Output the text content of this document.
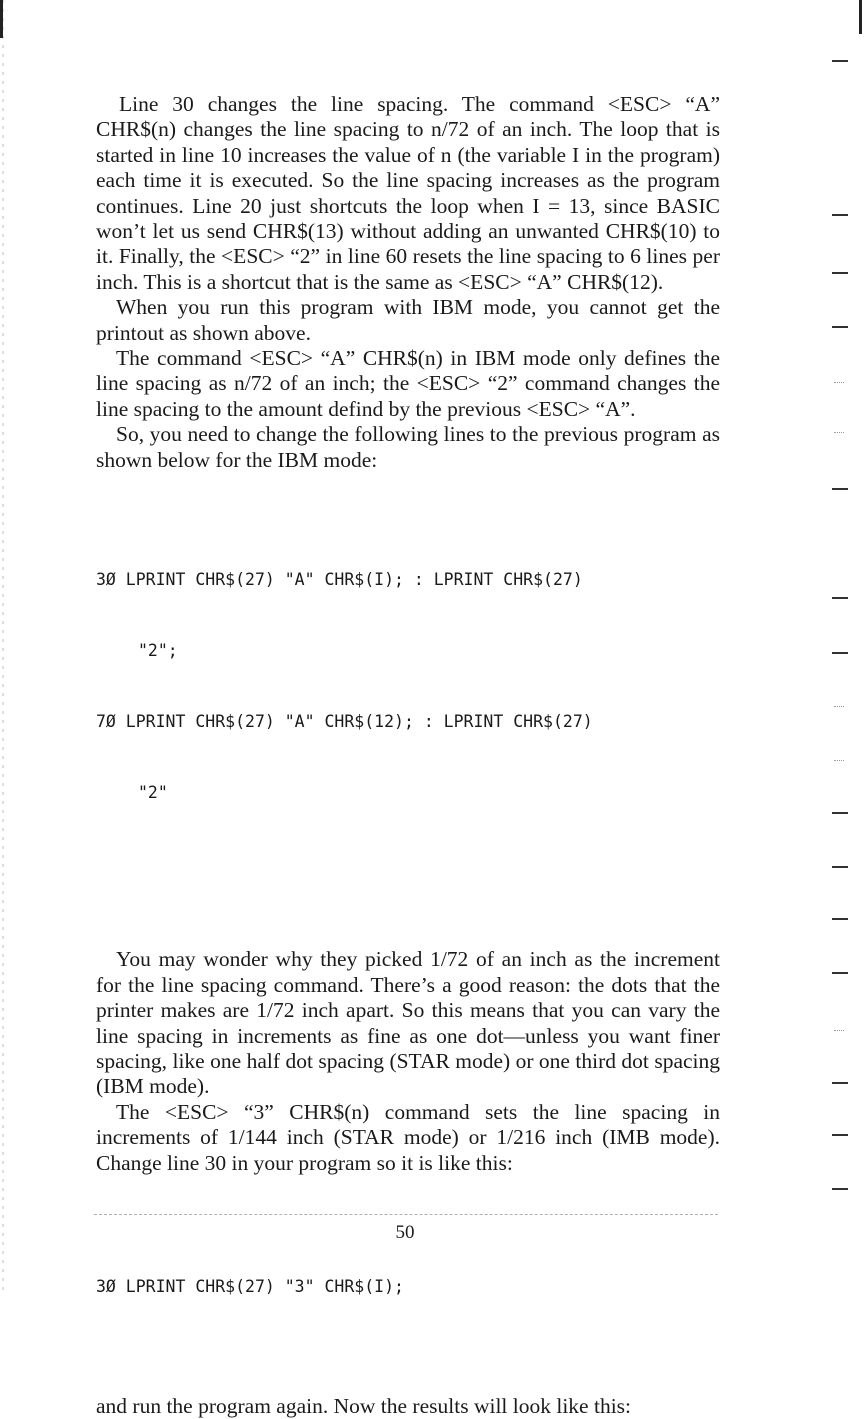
Line 30 changes the line spacing. The command <ESC> “A” CHR$(n) changes the line spacing to n/72 of an inch. The loop that is started in line 10 increases the value of n (the variable I in the program) each time it is executed. So the line spacing increases as the program continues. Line 20 just shortcuts the loop when I = 13, since BASIC won’t let us send CHR$(13) without adding an unwanted CHR$(10) to it. Finally, the <ESC> “2” in line 60 resets the line spacing to 6 lines per inch. This is a shortcut that is the same as <ESC> “A” CHR$(12).

When you run this program with IBM mode, you cannot get the printout as shown above.

The command <ESC> “A” CHR$(n) in IBM mode only defines the line spacing as n/72 of an inch; the <ESC> “2” command changes the line spacing to the amount defind by the previous <ESC> “A”.

So, you need to change the following lines to the previous program as shown below for the IBM mode:

3Ø LPRINT CHR$(27) "A" CHR$(I); : LPRINT CHR$(27)

"2";

7Ø LPRINT CHR$(27) "A" CHR$(12); : LPRINT CHR$(27)

"2"

You may wonder why they picked 1/72 of an inch as the increment for the line spacing command. There’s a good reason: the dots that the printer makes are 1/72 inch apart. So this means that you can vary the line spacing in increments as fine as one dot—unless you want finer spacing, like one half dot spacing (STAR mode) or one third dot spacing (IBM mode).

The <ESC> “3” CHR$(n) command sets the line spacing in increments of 1/144 inch (STAR mode) or 1/216 inch (IMB mode). Change line 30 in your program so it is like this:

3Ø LPRINT CHR$(27) "3" CHR$(I);

and run the program again. Now the results will look like this:

50
